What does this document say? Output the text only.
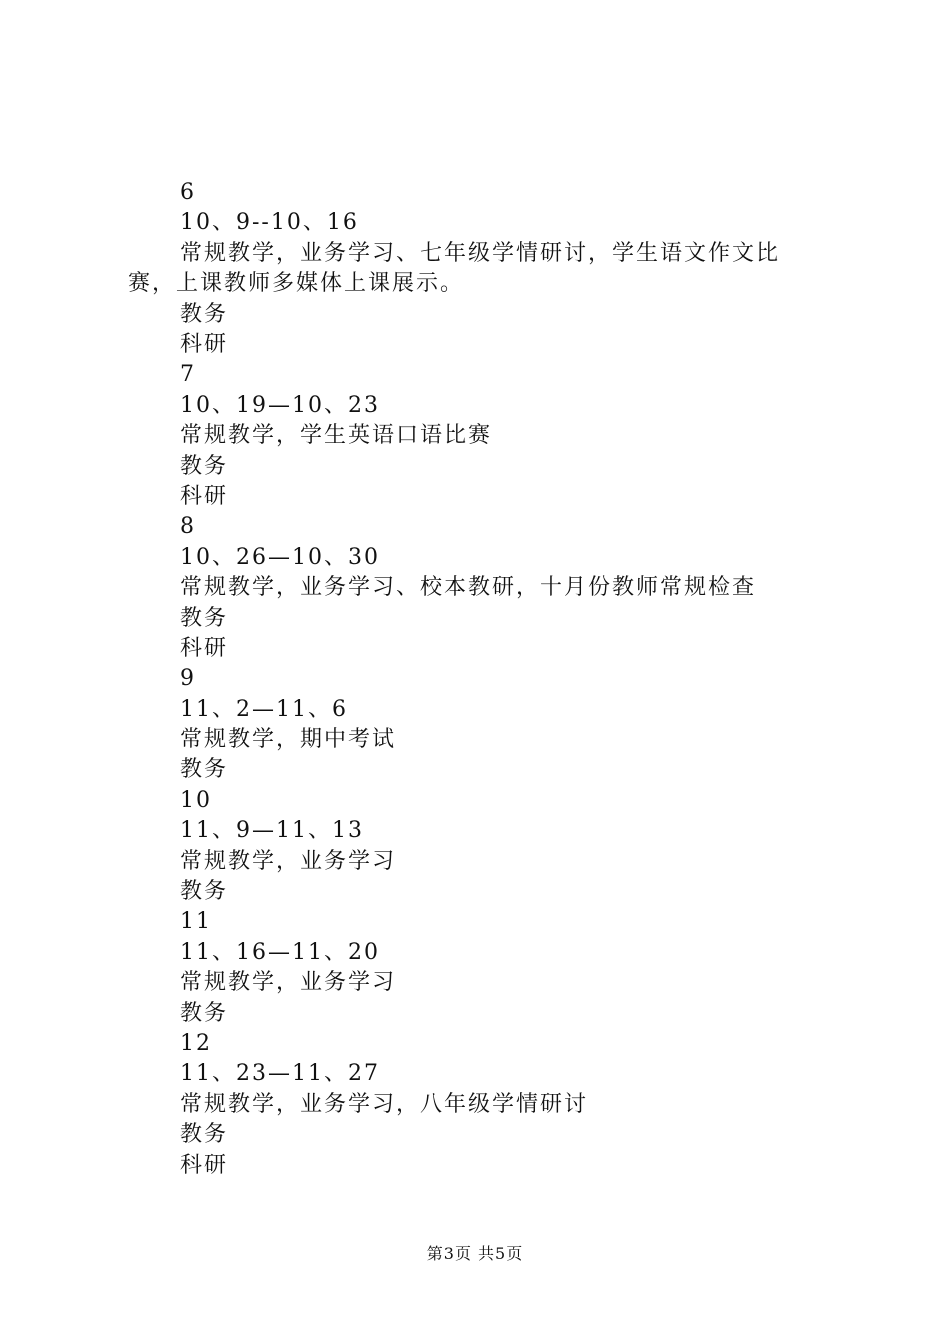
6
10、9--10、16
常规教学，业务学习、七年级学情研讨，学生语文作文比
赛，上课教师多媒体上课展示。
教务
科研
7
10、19—10、23
常规教学，学生英语口语比赛
教务
科研
8
10、26—10、30
常规教学，业务学习、校本教研，十月份教师常规检查
教务
科研
9
11、2—11、6
常规教学，期中考试
教务
10
11、9—11、13
常规教学，业务学习
教务
11
11、16—11、20
常规教学，业务学习
教务
12
11、23—11、27
常规教学，业务学习，八年级学情研讨
教务
科研
第3页 共5页
